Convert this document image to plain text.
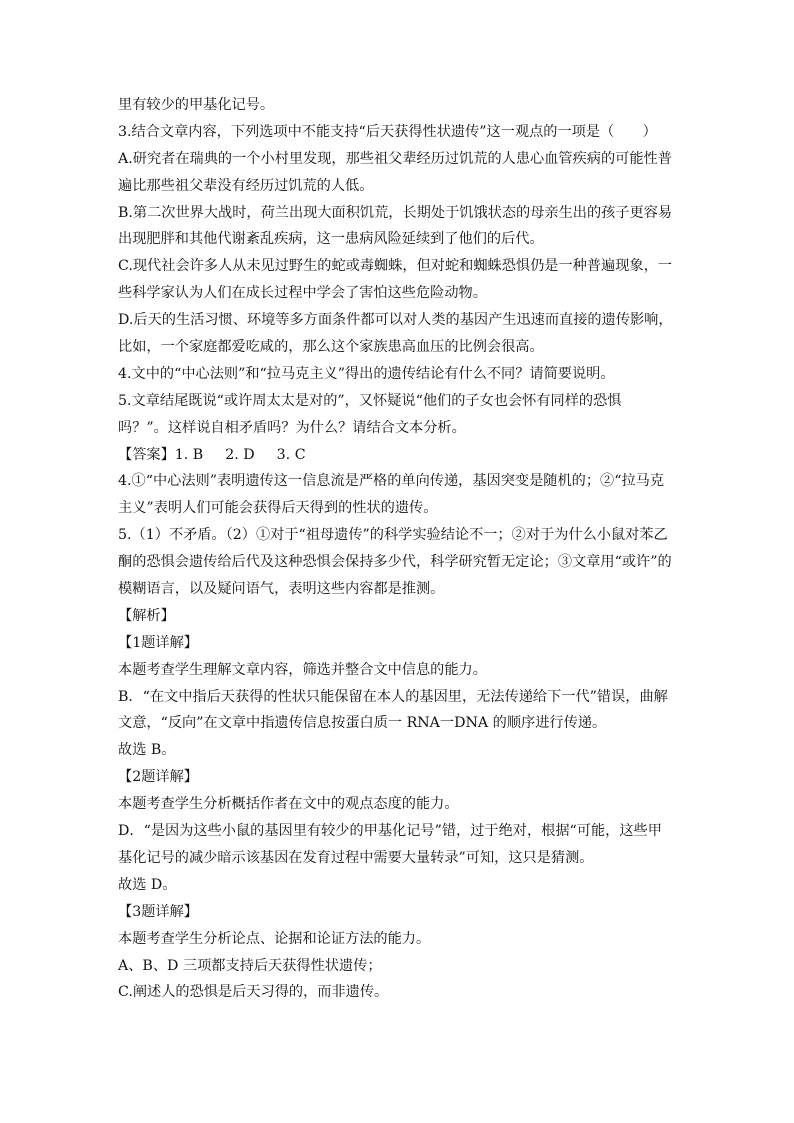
里有较少的甲基化记号。
3.结合文章内容，下列选项中不能支持“后天获得性状遗传”这一观点的一项是（　　）
A.研究者在瑞典的一个小村里发现，那些祖父辈经历过饥荒的人患心血管疾病的可能性普
遍比那些祖父辈没有经历过饥荒的人低。
B.第二次世界大战时，荷兰出现大面积饥荒，长期处于饥饿状态的母亲生出的孩子更容易
出现肥胖和其他代谢紊乱疾病，这一患病风险延续到了他们的后代。
C.现代社会许多人从未见过野生的蛇或毒蜘蛛，但对蛇和蜘蛛恐惧仍是一种普遍现象，一
些科学家认为人们在成长过程中学会了害怕这些危险动物。
D.后天的生活习惯、环境等多方面条件都可以对人类的基因产生迅速而直接的遗传影响，
比如，一个家庭都爱吃咸的，那么这个家族患高血压的比例会很高。
4.文中的“中心法则”和“拉马克主义”得出的遗传结论有什么不同？请简要说明。
5.文章结尾既说“或许周太太是对的”，又怀疑说“他们的子女也会怀有同样的恐惧
吗？”。这样说自相矛盾吗？为什么？请结合文本分析。
【答案】1. B 2. D 3. C
4.①“中心法则”表明遗传这一信息流是严格的单向传递，基因突变是随机的；②“拉马克
主义”表明人们可能会获得后天得到的性状的遗传。
5.（1）不矛盾。（2）①对于“祖母遗传”的科学实验结论不一；②对于为什么小鼠对苯乙
酮的恐惧会遗传给后代及这种恐惧会保持多少代，科学研究暂无定论；③文章用“或许”的
模糊语言，以及疑问语气，表明这些内容都是推测。
【解析】
【1题详解】
本题考查学生理解文章内容，筛选并整合文中信息的能力。
B．“在文中指后天获得的性状只能保留在本人的基因里，无法传递给下一代”错误，曲解
文意，“反向”在文章中指遗传信息按蛋白质一 RNA一DNA 的顺序进行传递。
故选 B。
【2题详解】
本题考查学生分析概括作者在文中的观点态度的能力。
D．“是因为这些小鼠的基因里有较少的甲基化记号”错，过于绝对，根据“可能，这些甲
基化记号的减少暗示该基因在发育过程中需要大量转录”可知，这只是猜测。
故选 D。
【3题详解】
本题考查学生分析论点、论据和论证方法的能力。
A、B、D 三项都支持后天获得性状遗传；
C.阐述人的恐惧是后天习得的，而非遗传。
